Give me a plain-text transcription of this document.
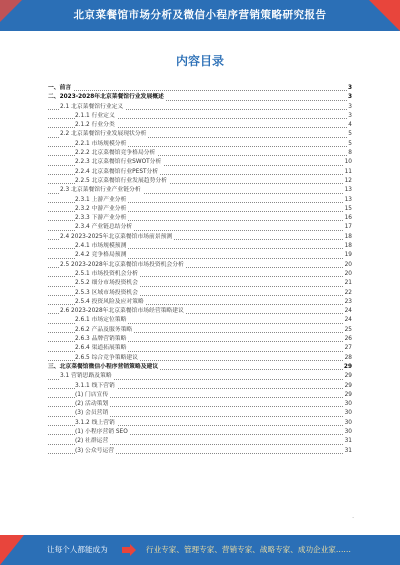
北京菜餐馆市场分析及微信小程序营销策略研究报告
内容目录
一、前言	3
二、2023-2028年北京菜餐馆行业发展概述	3
2.1 北京菜餐馆行业定义	3
2.1.1 行业定义	3
2.1.2 行业分类	4
2.2 北京菜餐馆行业发展现状分析	5
2.2.1 市场规模分析	5
2.2.2 北京菜餐馆竞争格局分析	8
2.2.3 北京菜餐馆行业SWOT分析	10
2.2.4 北京菜餐馆行业PEST分析	11
2.2.5 北京菜餐馆行业发展趋势分析	12
2.3 北京菜餐馆行业产业链分析	13
2.3.1 上游产业分析	13
2.3.2 中游产业分析	15
2.3.3 下游产业分析	16
2.3.4 产业链总结分析	17
2.4 2023-2025年北京菜餐馆市场前景预测	18
2.4.1 市场规模预测	18
2.4.2 竞争格局预测	19
2.5 2023-2028年北京菜餐馆市场投资机会分析	20
2.5.1 市场投资机会分析	20
2.5.2 细分市场投资机会	21
2.5.3 区域市场投资机会	22
2.5.4 投资风险及应对策略	23
2.6 2023-2028年北京菜餐馆市场经营策略建议	24
2.6.1 市场定位策略	24
2.6.2 产品及服务策略	25
2.6.3 品牌营销策略	26
2.6.4 渠道拓展策略	27
2.6.5 综合竞争策略建议	28
三、北京菜餐馆微信小程序营销策略及建议	29
3.1 营销思路及策略	29
3.1.1 线下营销	29
(1) 门店宣传	29
(2) 活动策划	30
(3) 会员营销	30
3.1.2 线上营销	30
(1) 小程序营销 SEO	30
(2) 社群运营	31
(3) 公众号运营	31
-
让每个人都能成为	行业专家、管理专家、营销专家、战略专家、成功企业家……
